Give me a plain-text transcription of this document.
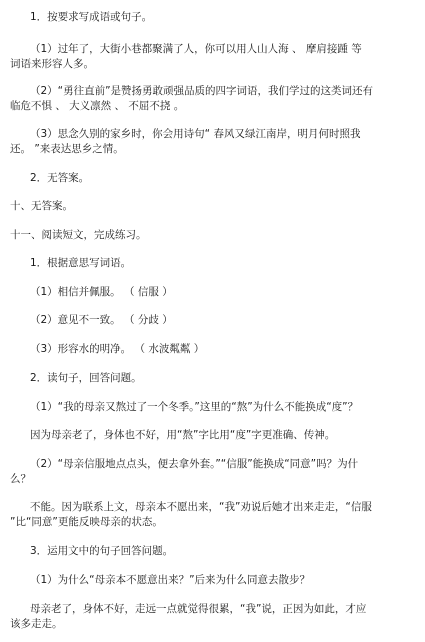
1．按要求写成语或句子。
（1）过年了，大街小巷都聚满了人，你可以用人山人海 、 摩肩接踵 等
词语来形容人多。
（2）“勇往直前”是赞扬勇敢顽强品质的四字词语，我们学过的这类词还有
临危不惧 、 大义凛然 、 不屈不挠 。
（3）思念久别的家乡时，你会用诗句“ 春风又绿江南岸，明月何时照我
还。 ”来表达思乡之情。
2．无答案。
十、无答案。
十一、阅读短文，完成练习。
1．根据意思写词语。
（1）相信并佩服。 （ 信服 ）
（2）意见不一致。 （ 分歧 ）
（3）形容水的明净。 （ 水波粼粼 ）
2．读句子，回答问题。
（1）“我的母亲又熬过了一个冬季。”这里的“熬”为什么不能换成“度”？
因为母亲老了，身体也不好，用“熬”字比用“度”字更准确、传神。
（2）“母亲信服地点点头，便去拿外套。”“信服”能换成“同意”吗？为什
么？
不能。因为联系上文，母亲本不愿出来，“我”劝说后她才出来走走，“信服
”比“同意”更能反映母亲的状态。
3．运用文中的句子回答问题。
（1）为什么“母亲本不愿意出来？”后来为什么同意去散步？
母亲老了，身体不好，走远一点就觉得很累，“我”说，正因为如此，才应
该多走走。
